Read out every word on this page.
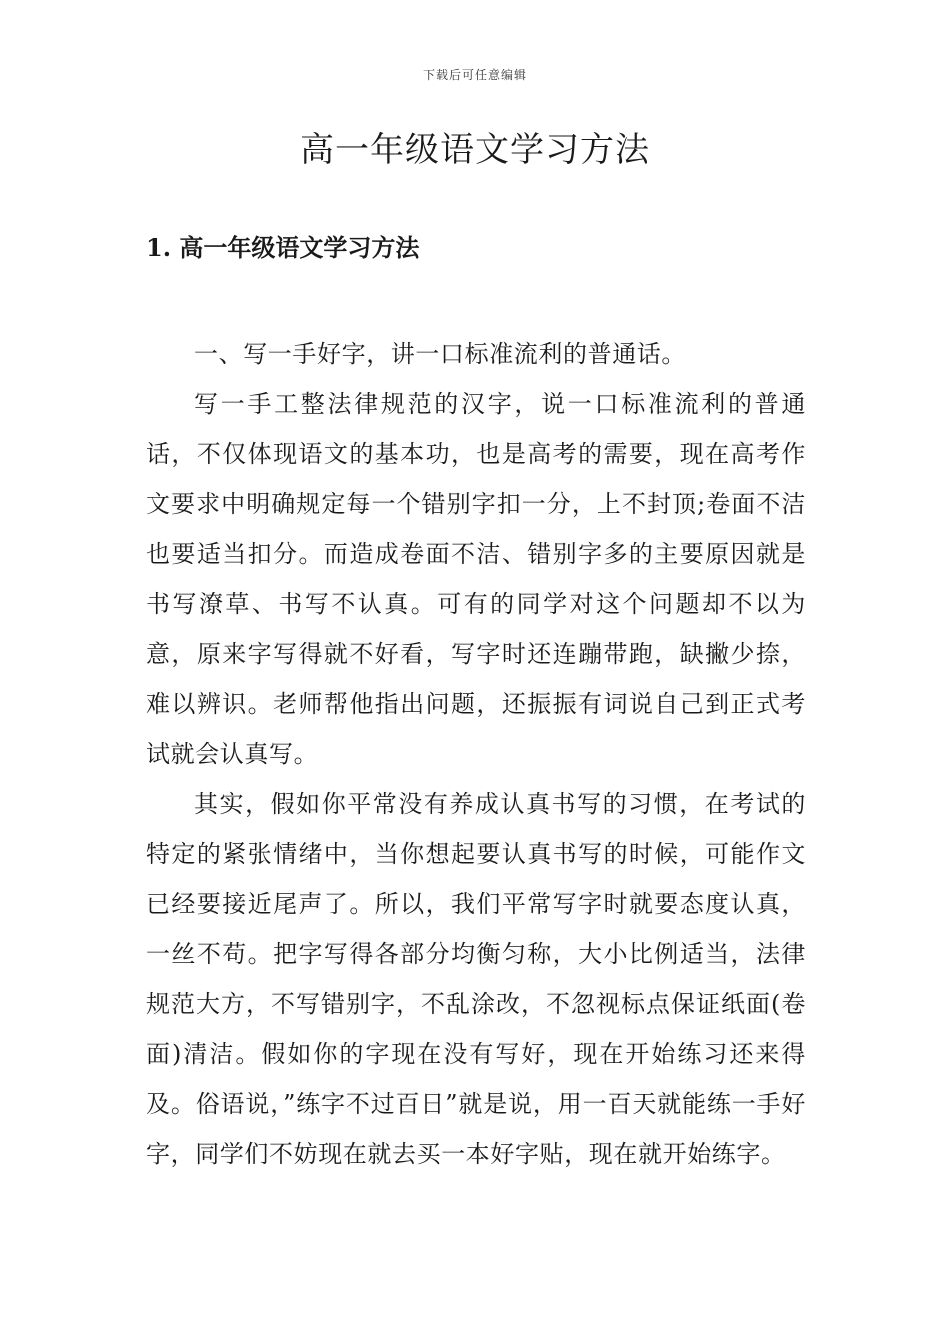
下载后可任意编辑
高一年级语文学习方法
1. 高一年级语文学习方法

一、写一手好字，讲一口标准流利的普通话。

写一手工整法律规范的汉字，说一口标准流利的普通话，不仅体现语文的基本功，也是高考的需要，现在高考作文要求中明确规定每一个错别字扣一分，上不封顶;卷面不洁也要适当扣分。而造成卷面不洁、错别字多的主要原因就是书写潦草、书写不认真。可有的同学对这个问题却不以为意，原来字写得就不好看，写字时还连蹦带跑，缺撇少捺，难以辨识。老师帮他指出问题，还振振有词说自己到正式考试就会认真写。

其实，假如你平常没有养成认真书写的习惯，在考试的特定的紧张情绪中，当你想起要认真书写的时候，可能作文已经要接近尾声了。所以，我们平常写字时就要态度认真，一丝不苟。把字写得各部分均衡匀称，大小比例适当，法律规范大方，不写错别字，不乱涂改，不忽视标点保证纸面(卷面)清洁。假如你的字现在没有写好，现在开始练习还来得及。俗语说，”练字不过百日”就是说，用一百天就能练一手好字，同学们不妨现在就去买一本好字贴，现在就开始练字。
